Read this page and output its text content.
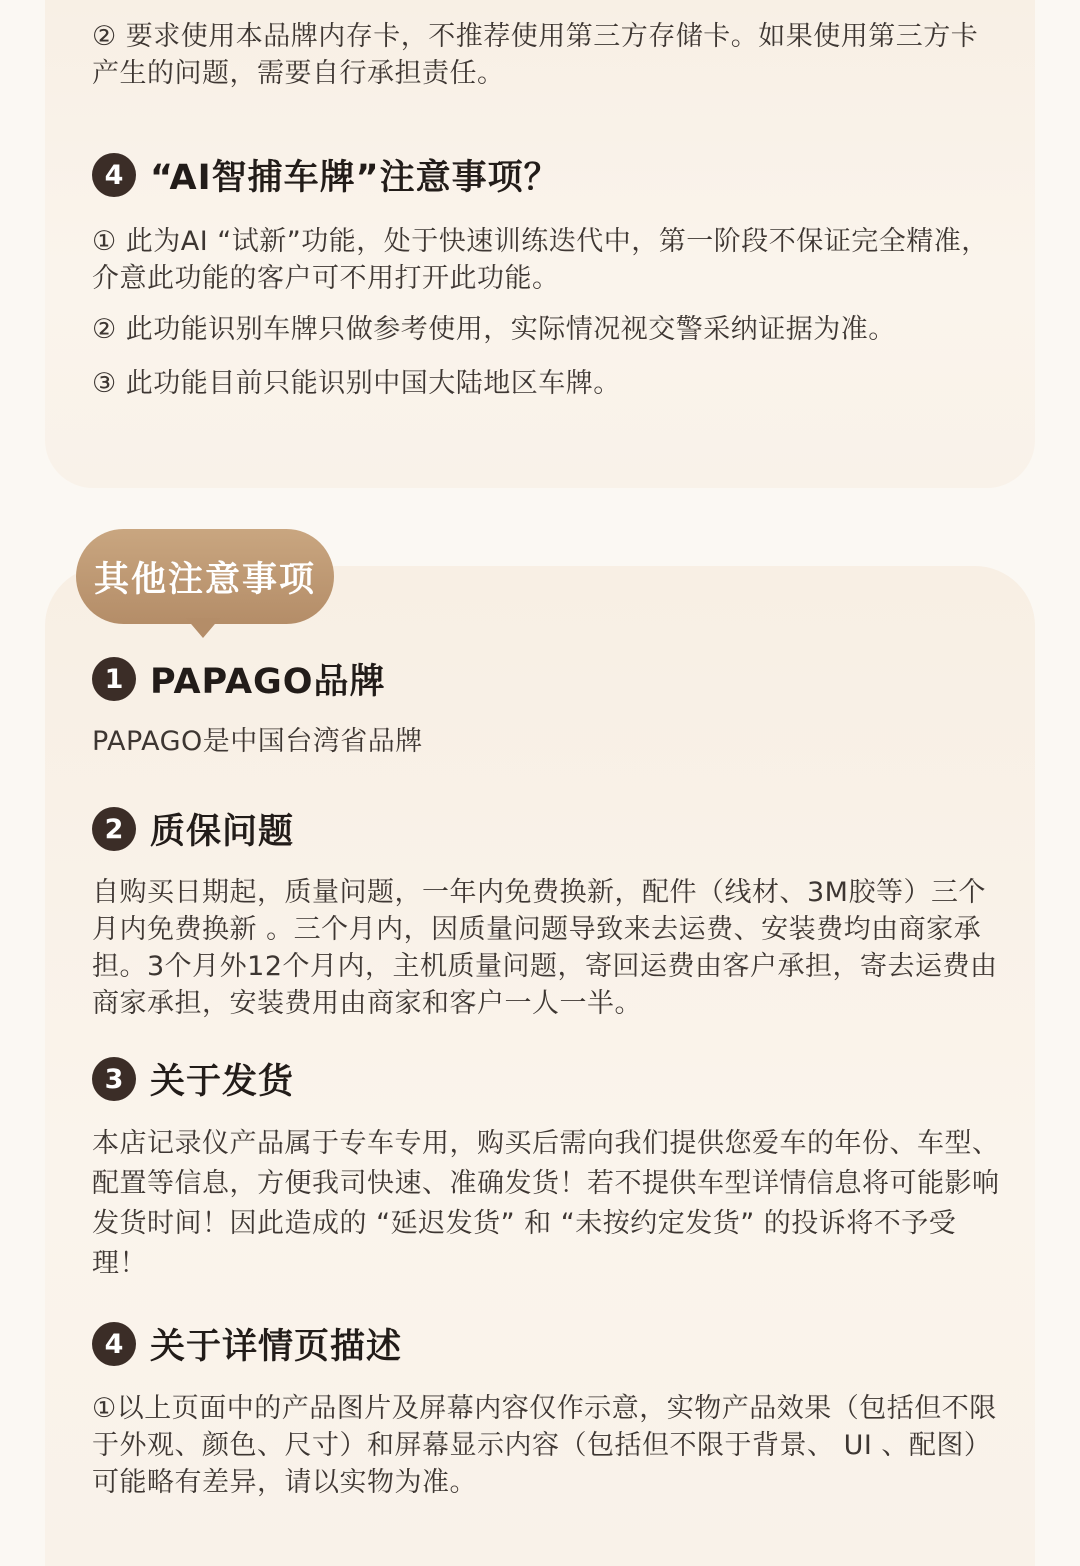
② 要求使用本品牌内存卡，不推荐使用第三方存储卡。如果使用第三方卡产生的问题，需要自行承担责任。

4 “AI智捕车牌”注意事项？

① 此为AI “试新”功能，处于快速训练迭代中，第一阶段不保证完全精准，介意此功能的客户可不用打开此功能。

② 此功能识别车牌只做参考使用，实际情况视交警采纳证据为准。

③ 此功能目前只能识别中国大陆地区车牌。

其他注意事项
1 PAPAGO品牌

PAPAGO是中国台湾省品牌

2 质保问题

自购买日期起，质量问题，一年内免费换新，配件（线材、3M胶等）三个月内免费换新 。三个月内，因质量问题导致来去运费、安装费均由商家承担。3个月外12个月内，主机质量问题，寄回运费由客户承担，寄去运费由商家承担，安装费用由商家和客户一人一半。

3 关于发货

本店记录仪产品属于专车专用，购买后需向我们提供您爱车的年份、车型、配置等信息，方便我司快速、准确发货！若不提供车型详情信息将可能影响发货时间！因此造成的 “延迟发货” 和 “未按约定发货” 的投诉将不予受理！

4 关于详情页描述

①以上页面中的产品图片及屏幕内容仅作示意，实物产品效果（包括但不限于外观、颜色、尺寸）和屏幕显示内容（包括但不限于背景、 UI 、配图）可能略有差异，请以实物为准。
